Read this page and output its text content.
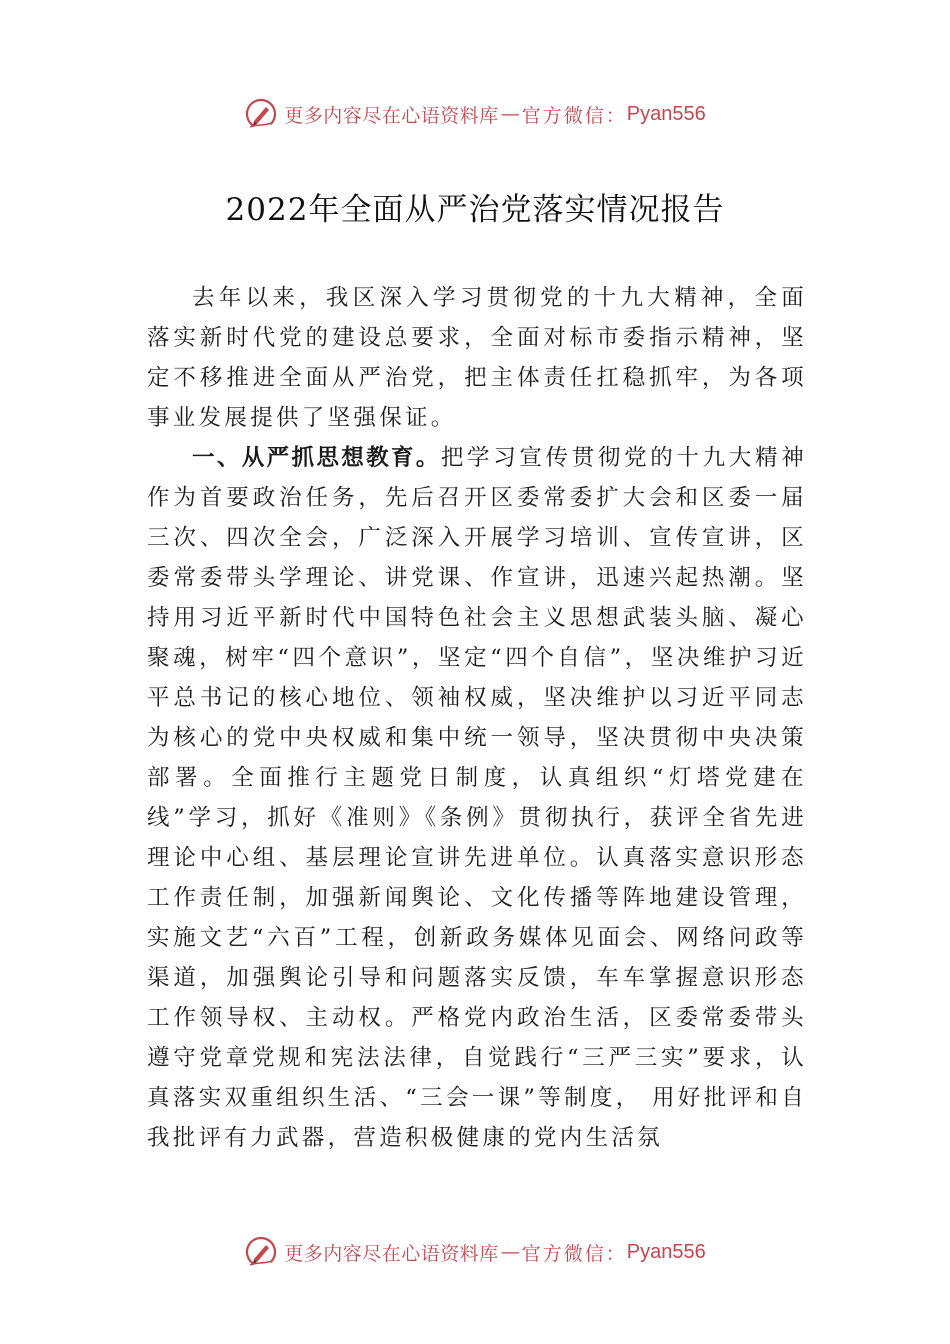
更多内容尽在心语资料库 — 官方微信： Pyan556
2022年全面从严治党落实情况报告

去年以来，我区深入学习贯彻党的十九大精神，全面落实新时代党的建设总要求，全面对标市委指示精神，坚定不移推进全面从严治党，把主体责任扛稳抓牢，为各项事业发展提供了坚强保证。

一、从严抓思想教育。把学习宣传贯彻党的十九大精神作为首要政治任务，先后召开区委常委扩大会和区委一届三次、四次全会，广泛深入开展学习培训、宣传宣讲，区委常委带头学理论、讲党课、作宣讲，迅速兴起热潮。坚持用习近平新时代中国特色社会主义思想武装头脑、凝心聚魂，树牢“四个意识”，坚定“四个自信”，坚决维护习近平总书记的核心地位、领袖权威，坚决维护以习近平同志为核心的党中央权威和集中统一领导，坚决贯彻中央决策部署。全面推行主题党日制度，认真组织“灯塔党建在线”学习，抓好《准则》《条例》贯彻执行，获评全省先进理论中心组、基层理论宣讲先进单位。认真落实意识形态工作责任制，加强新闻舆论、文化传播等阵地建设管理，实施文艺“六百”工程，创新政务媒体见面会、网络问政等渠道，加强舆论引导和问题落实反馈，车车掌握意识形态工作领导权、主动权。严格党内政治生活，区委常委带头遵守党章党规和宪法法律，自觉践行“三严三实”要求，认真落实双重组织生活、“三会一课”等制度， 用好批评和自我批评有力武器，营造积极健康的党内生活氛

更多内容尽在心语资料库 — 官方微信： Pyan556
